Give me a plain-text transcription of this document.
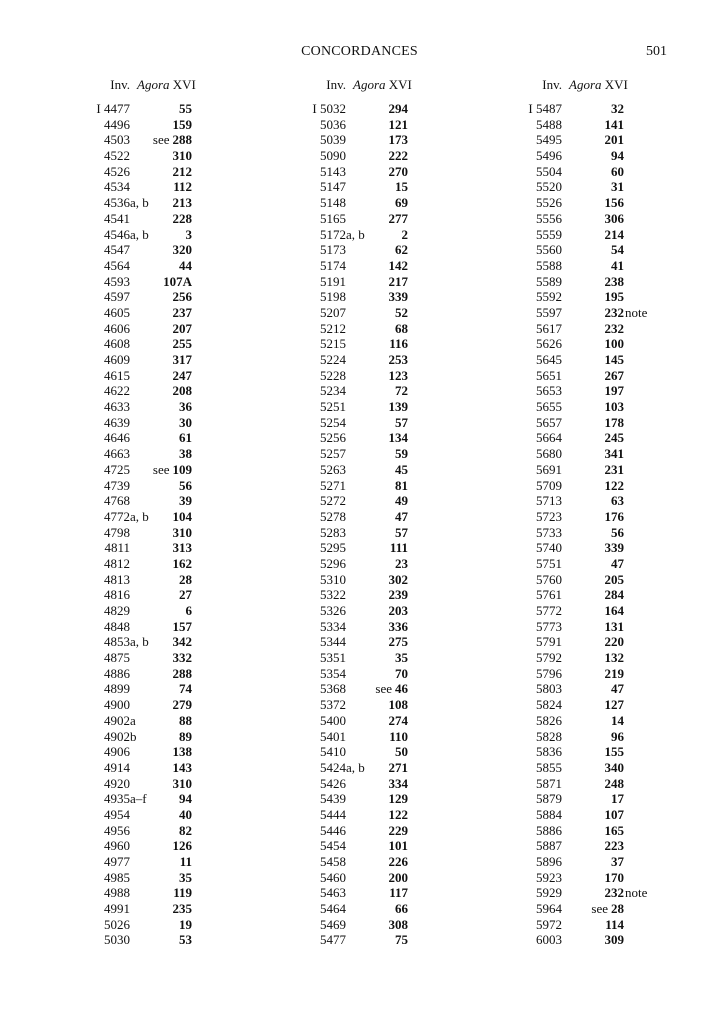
CONCORDANCES	501
Inv. Agora XVI
I 4477	55
4496	159
4503 see 288
4522	310
4526	212
4534	112
4536 a, b 213
4541	228
4546 a, b	3
4547	320
4564	44
4593	107A
4597	256
4605	237
4606	207
4608	255
4609	317
4615	247
4622	208
4633	36
4639	30
4646	61
4663	38
4725 see 109
4739	56
4768	39
4772 a, b 104
4798	310
4811	313
4812	162
4813	28
4816	27
4829	6
4848	157
4853 a, b 342
4875	332
4886	288
4899	74
4900	279
4902 a	88
4902 b	89
4906	138
4914	143
4920	310
4935 a–f 94
4954	40
4956	82
4960	126
4977	11
4985	35
4988	119
4991	235
5026	19
5030	53
Inv. Agora XVI
I 5032	294
5036	121
5039	173
5090	222
5143	270
5147	15
5148	69
5165	277
5172 a, b	2
5173	62
5174	142
5191	217
5198	339
5207	52
5212	68
5215	116
5224	253
5228	123
5234	72
5251	139
5254	57
5256	134
5257	59
5263	45
5271	81
5272	49
5278	47
5283	57
5295	111
5296	23
5310	302
5322	239
5326	203
5334	336
5344	275
5351	35
5354	70
5368 see 46
5372	108
5400	274
5401	110
5410	50
5424 a, b 271
5426	334
5439	129
5444	122
5446	229
5454	101
5458	226
5460	200
5463	117
5464	66
5469	308
5477	75
Inv. Agora XVI
I 5487	32
5488	141
5495	201
5496	94
5504	60
5520	31
5526	156
5556	306
5559	214
5560	54
5588	41
5589	238
5592	195
5597	232 note
5617	232
5626	100
5645	145
5651	267
5653	197
5655	103
5657	178
5664	245
5680	341
5691	231
5709	122
5713	63
5723	176
5733	56
5740	339
5751	47
5760	205
5761	284
5772	164
5773	131
5791	220
5792	132
5796	219
5803	47
5824	127
5826	14
5828	96
5836	155
5855	340
5871	248
5879	17
5884	107
5886	165
5887	223
5896	37
5923	170
5929	232 note
5964 see 28
5972	114
6003	309
